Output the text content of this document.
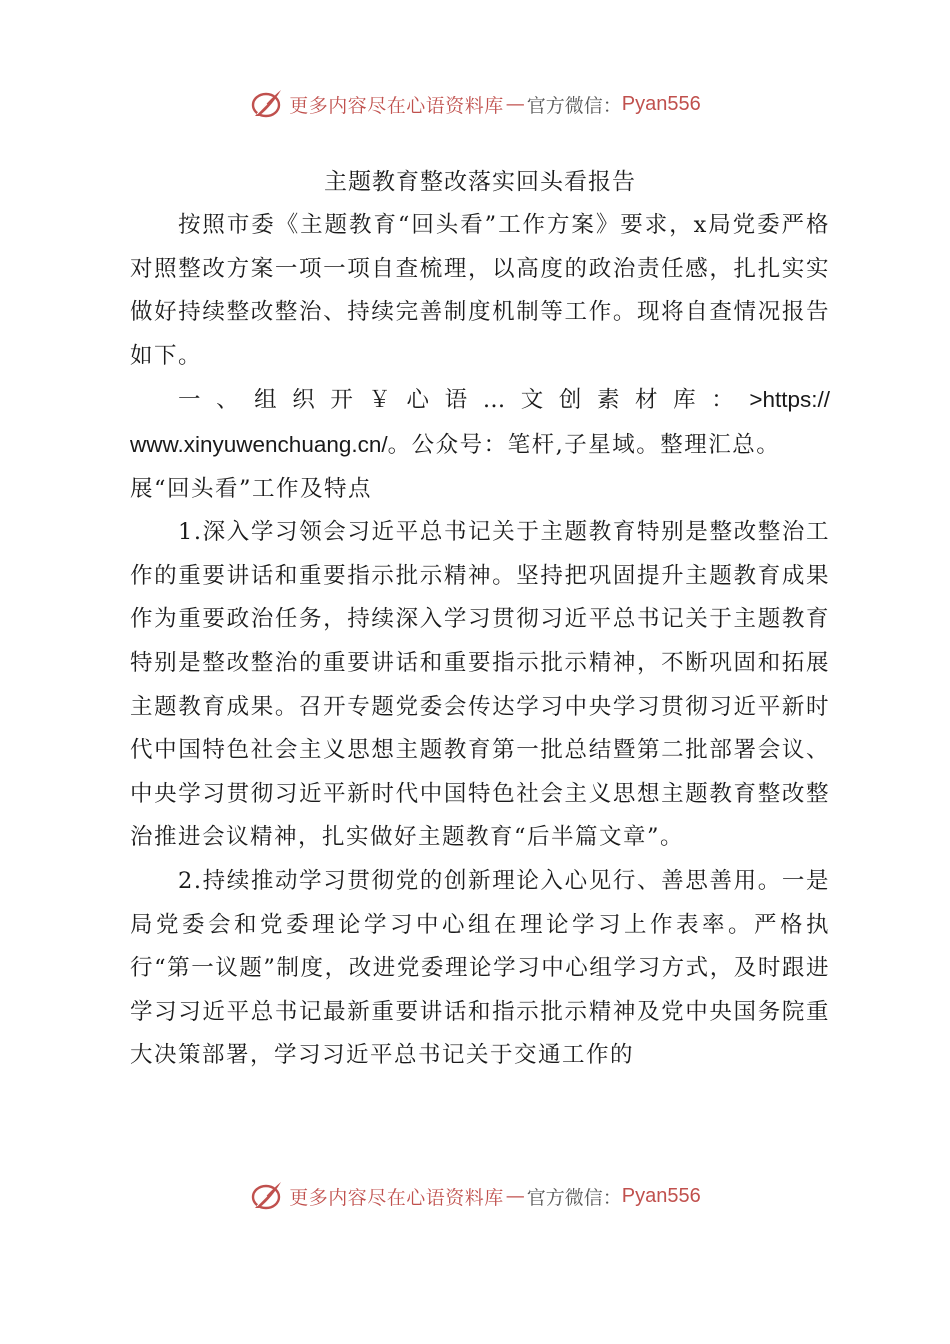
更多内容尽在心语资料库 — 官方微信： Pyan556
主题教育整改落实回头看报告

按照市委《主题教育“回头看”工作方案》要求，x局党委严格对照整改方案一项一项自查梳理，以高度的政治责任感，扎扎实实做好持续整改整治、持续完善制度机制等工作。现将自查情况报告如下。

一、组织开￥心语…文创素材库：>https://

www.xinyuwenchuang.cn/。公众号：笔杆,子星域。整理汇总。

展“回头看”工作及特点

1.深入学习领会习近平总书记关于主题教育特别是整改整治工作的重要讲话和重要指示批示精神。坚持把巩固提升主题教育成果作为重要政治任务，持续深入学习贯彻习近平总书记关于主题教育特别是整改整治的重要讲话和重要指示批示精神，不断巩固和拓展主题教育成果。召开专题党委会传达学习中央学习贯彻习近平新时代中国特色社会主义思想主题教育第一批总结暨第二批部署会议、中央学习贯彻习近平新时代中国特色社会主义思想主题教育整改整治推进会议精神，扎实做好主题教育“后半篇文章”。

2.持续推动学习贯彻党的创新理论入心见行、善思善用。一是局党委会和党委理论学习中心组在理论学习上作表率。严格执行“第一议题”制度，改进党委理论学习中心组学习方式，及时跟进学习习近平总书记最新重要讲话和指示批示精神及党中央国务院重大决策部署，学习习近平总书记关于交通工作的

更多内容尽在心语资料库 — 官方微信： Pyan556
